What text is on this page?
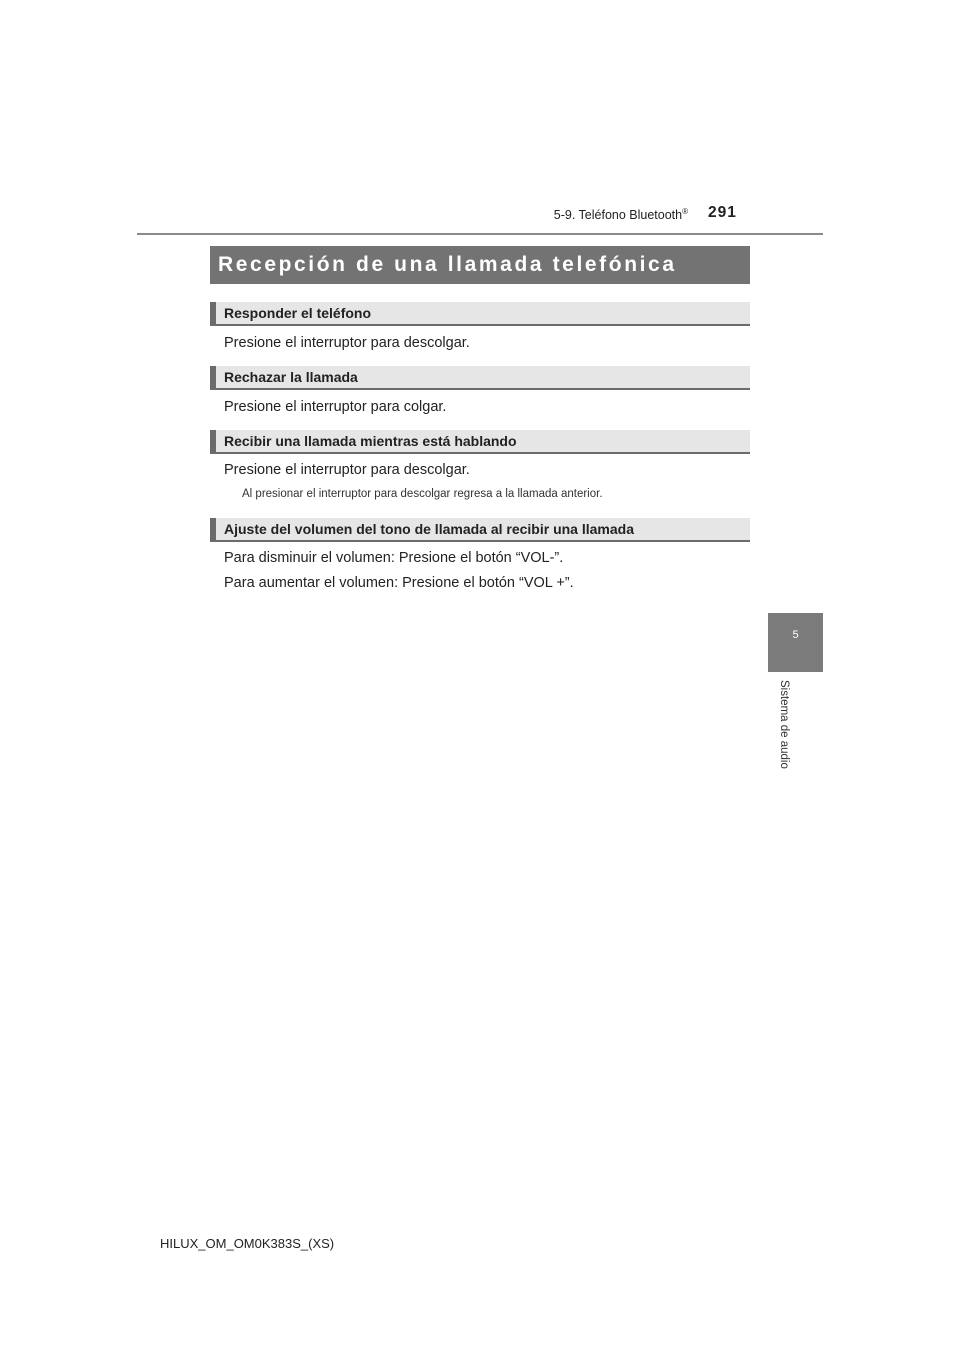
5-9. Teléfono Bluetooth® 291
Recepción de una llamada telefónica
Responder el teléfono
Presione el interruptor para descolgar.
Rechazar la llamada
Presione el interruptor para colgar.
Recibir una llamada mientras está hablando
Presione el interruptor para descolgar.
Al presionar el interruptor para descolgar regresa a la llamada anterior.
Ajuste del volumen del tono de llamada al recibir una llamada
Para disminuir el volumen: Presione el botón “VOL-”.
Para aumentar el volumen: Presione el botón “VOL +”.
5
Sistema de audio
HILUX_OM_OM0K383S_(XS)
